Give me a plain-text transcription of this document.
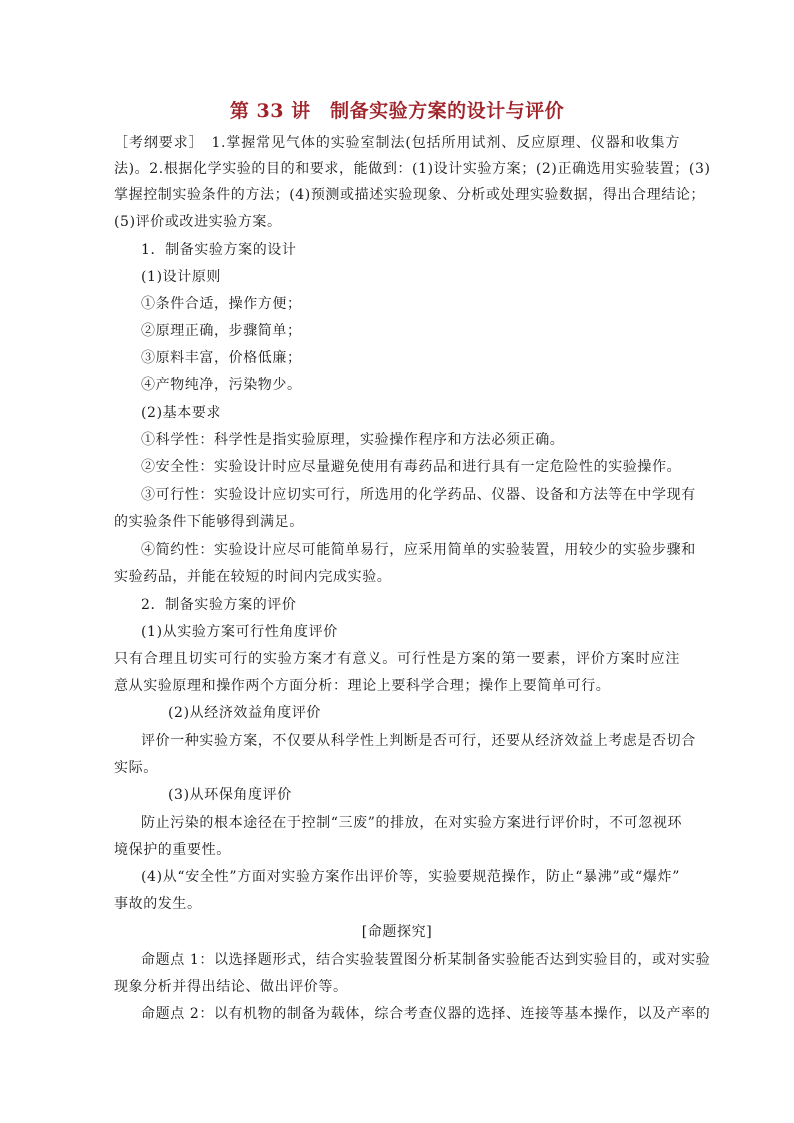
第 33 讲　制备实验方案的设计与评价
［考纲要求］　1.掌握常见气体的实验室制法(包括所用试剂、反应原理、仪器和收集方
法)。2.根据化学实验的目的和要求，能做到：(1)设计实验方案；(2)正确选用实验装置；(3)
掌握控制实验条件的方法；(4)预测或描述实验现象、分析或处理实验数据，得出合理结论；
(5)评价或改进实验方案。
1．制备实验方案的设计
(1)设计原则
①条件合适，操作方便；
②原理正确，步骤简单；
③原料丰富，价格低廉；
④产物纯净，污染物少。
(2)基本要求
①科学性：科学性是指实验原理，实验操作程序和方法必须正确。
②安全性：实验设计时应尽量避免使用有毒药品和进行具有一定危险性的实验操作。
③可行性：实验设计应切实可行，所选用的化学药品、仪器、设备和方法等在中学现有
的实验条件下能够得到满足。
④简约性：实验设计应尽可能简单易行，应采用简单的实验装置，用较少的实验步骤和
实验药品，并能在较短的时间内完成实验。
2．制备实验方案的评价
(1)从实验方案可行性角度评价
只有合理且切实可行的实验方案才有意义。可行性是方案的第一要素，评价方案时应注
意从实验原理和操作两个方面分析：理论上要科学合理；操作上要简单可行。
(2)从经济效益角度评价
评价一种实验方案，不仅要从科学性上判断是否可行，还要从经济效益上考虑是否切合
实际。
(3)从环保角度评价
防止污染的根本途径在于控制“三废”的排放，在对实验方案进行评价时，不可忽视环
境保护的重要性。
(4)从“安全性”方面对实验方案作出评价等，实验要规范操作，防止“暴沸”或“爆炸”
事故的发生。
[命题探究]
命题点 1：以选择题形式，结合实验装置图分析某制备实验能否达到实验目的，或对实验
现象分析并得出结论、做出评价等。
命题点 2：以有机物的制备为载体，综合考查仪器的选择、连接等基本操作，以及产率的
